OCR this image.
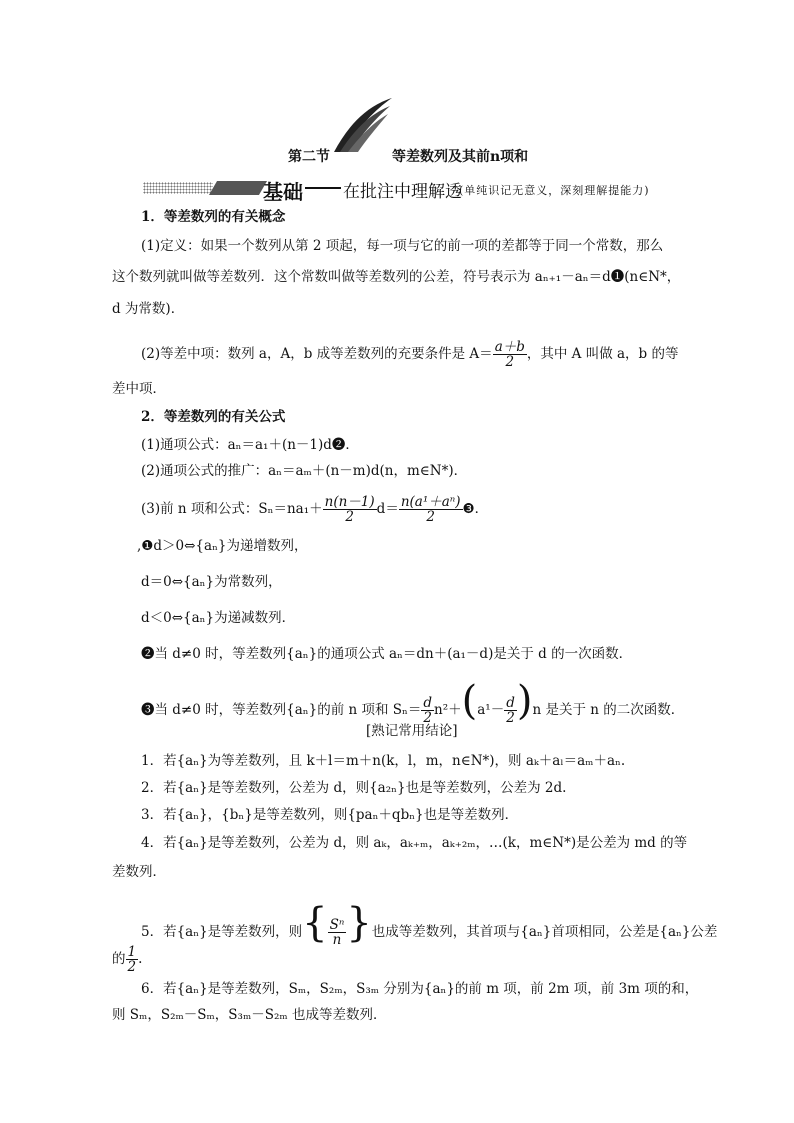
第二节	等差数列及其前n项和
基础 在批注中理解透
(单纯识记无意义，深刻理解提能力)
1．等差数列的有关概念
(1)定义：如果一个数列从第 2 项起，每一项与它的前一项的差都等于同一个常数，那么
这个数列就叫做等差数列．这个常数叫做等差数列的公差，符号表示为 aₙ₊₁－aₙ＝d❶(n∈N*，
d 为常数)．
(2)等差中项：数列 a，A，b 成等差数列的充要条件是 $A= \frac{a+b}{2}$ ，其中 A 叫做 a，b 的等
差中项．
2．等差数列的有关公式
(1)通项公式：aₙ＝a₁＋(n－1)d❷．
(2)通项公式的推广：aₙ＝aₘ＋(n－m)d(n，m∈N*)．
(3)前 n 项和公式：$S_n=na_1+ \frac{n(n-1)}{2} d= \frac{\text{n(a¹＋aⁿ)}}{2}$ ❸．
,❶d＞0⇔{aₙ}为递增数列，
d＝0⇔{aₙ}为常数列，
d＜0⇔{aₙ}为递减数列．
❷当 d≠0 时，等差数列{aₙ}的通项公式 aₙ＝dn＋(a₁－d)是关于 d 的一次函数．
❸当 d≠0 时，等差数列{aₙ}的前 n 项和 $S_n= \frac{d}{2} n^2+(a^1- \frac{d}{2} )n$ 是关于 n 的二次函数．
[熟记常用结论]
1．若{aₙ}为等差数列，且 k＋l＝m＋n(k，l，m，n∈N*)，则 aₖ＋aₗ＝aₘ＋aₙ.
2．若{aₙ}是等差数列，公差为 d，则{a₂ₙ}也是等差数列，公差为 2d.
3．若{aₙ}，{bₙ}是等差数列，则{paₙ＋qbₙ}也是等差数列．
4．若{aₙ}是等差数列，公差为 d，则 aₖ，aₖ₊ₘ，aₖ₊₂ₘ，…(k，m∈N*)是公差为 md 的等
差数列．
5．若{aₙ}是等差数列，则{ $\frac{\text{Sⁿ}}{n}$ }也成等差数列，其首项与{aₙ}首项相同，公差是{aₙ}公差
的 $\frac{1}{2}$ .
6．若{aₙ}是等差数列，Sₘ，S₂ₘ，S₃ₘ 分别为{aₙ}的前 m 项，前 2m 项，前 3m 项的和，
则 Sₘ，S₂ₘ－Sₘ，S₃ₘ－S₂ₘ 也成等差数列．
